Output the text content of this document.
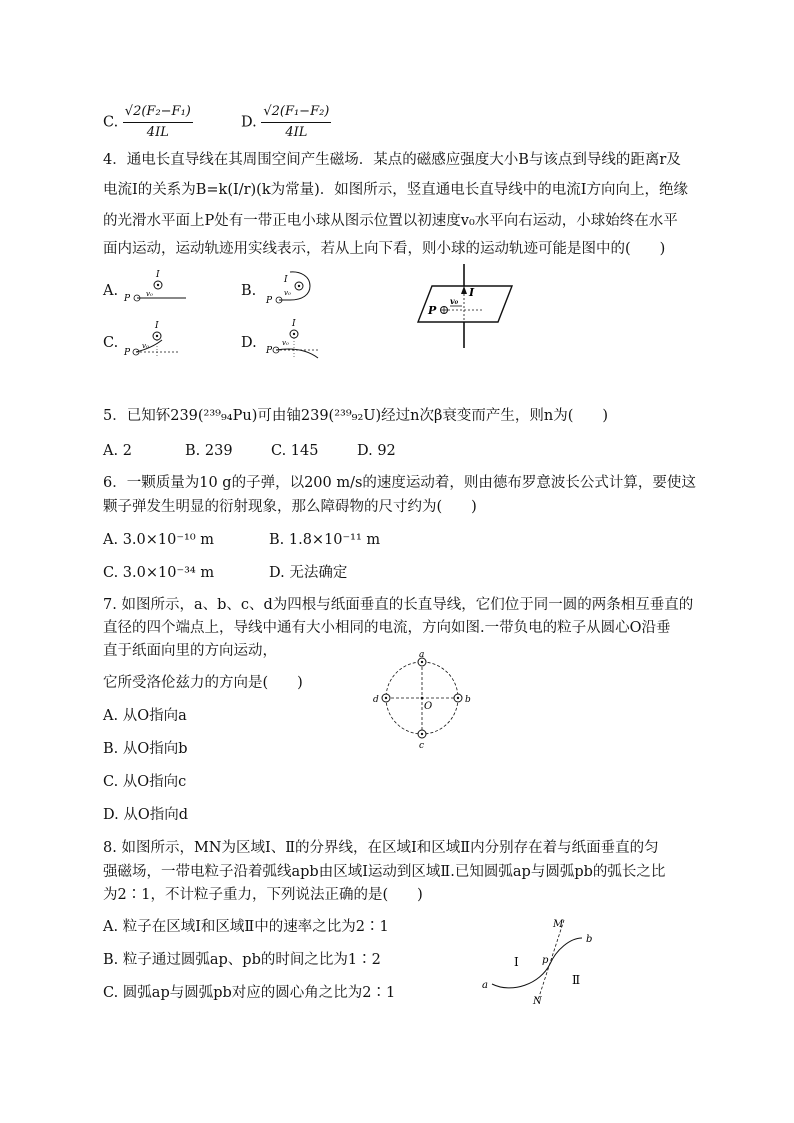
C. $\frac{\text{√2(F₂−F₁)}}{4IL}$	D. $\frac{\text{√2(F₁−F₂)}}{4IL}$
4．通电长直导线在其周围空间产生磁场．某点的磁感应强度大小B与该点到导线的距离r及
电流I的关系为B=k(I/r)(k为常量)．如图所示，竖直通电长直导线中的电流I方向向上，绝缘
的光滑水平面上P处有一带正电小球从图示位置以初速度v₀水平向右运动，小球始终在水平
面内运动，运动轨迹用实线表示，若从上向下看，则小球的运动轨迹可能是图中的(　　)
A.	B.
C.	D.
I
P v₀
I
v₀
P
I
v₀
P
I
v₀
P
I
P
v₀
5．已知钚239(²³⁹₉₄Pu)可由铀239(²³⁹₉₂U)经过n次β衰变而产生，则n为(　　)
A. 2	B. 239	C. 145	D. 92
6．一颗质量为10 g的子弹，以200 m/s的速度运动着，则由德布罗意波长公式计算，要使这
颗子弹发生明显的衍射现象，那么障碍物的尺寸约为(　　)
A. 3.0×10⁻¹⁰ m	B. 1.8×10⁻¹¹ m
C. 3.0×10⁻³⁴ m	D. 无法确定
7. 如图所示，a、b、c、d为四根与纸面垂直的长直导线，它们位于同一圆的两条相互垂直的
直径的四个端点上，导线中通有大小相同的电流，方向如图.一带负电的粒子从圆心O沿垂
直于纸面向里的方向运动，
它所受洛伦兹力的方向是(　　)
A. 从O指向a
B. 从O指向b
C. 从O指向c
D. 从O指向d
a
b
c
d
O
8. 如图所示，MN为区域Ⅰ、Ⅱ的分界线，在区域Ⅰ和区域Ⅱ内分别存在着与纸面垂直的匀
强磁场，一带电粒子沿着弧线apb由区域Ⅰ运动到区域Ⅱ.已知圆弧ap与圆弧pb的弧长之比
为2∶1，不计粒子重力，下列说法正确的是(　　)
A. 粒子在区域Ⅰ和区域Ⅱ中的速率之比为2∶1
B. 粒子通过圆弧ap、pb的时间之比为1∶2
C. 圆弧ap与圆弧pb对应的圆心角之比为2∶1
M
N
a
b
p
Ⅰ
Ⅱ
